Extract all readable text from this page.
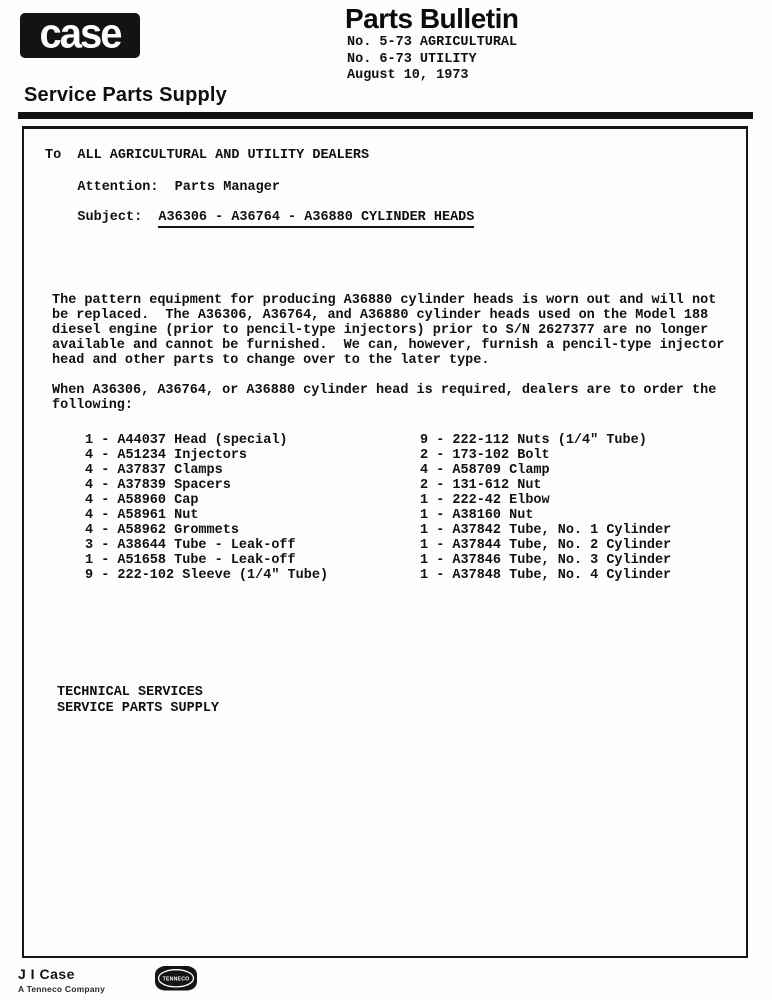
case
Service Parts Supply
Parts Bulletin
No. 5-73 AGRICULTURAL
No. 6-73 UTILITY
August 10, 1973
To  ALL AGRICULTURAL AND UTILITY DEALERS
Attention:  Parts Manager
Subject:  A36306 - A36764 - A36880 CYLINDER HEADS
The pattern equipment for producing A36880 cylinder heads is worn out and will not
be replaced.  The A36306, A36764, and A36880 cylinder heads used on the Model 188
diesel engine (prior to pencil-type injectors) prior to S/N 2627377 are no longer
available and cannot be furnished.  We can, however, furnish a pencil-type injector
head and other parts to change over to the later type.
When A36306, A36764, or A36880 cylinder head is required, dealers are to order the
following:
1 - A44037 Head (special)
4 - A51234 Injectors
4 - A37837 Clamps
4 - A37839 Spacers
4 - A58960 Cap
4 - A58961 Nut
4 - A58962 Grommets
3 - A38644 Tube - Leak-off
1 - A51658 Tube - Leak-off
9 - 222-102 Sleeve (1/4" Tube)
9 - 222-112 Nuts (1/4" Tube)
2 - 173-102 Bolt
4 - A58709 Clamp
2 - 131-612 Nut
1 - 222-42 Elbow
1 - A38160 Nut
1 - A37842 Tube, No. 1 Cylinder
1 - A37844 Tube, No. 2 Cylinder
1 - A37846 Tube, No. 3 Cylinder
1 - A37848 Tube, No. 4 Cylinder
TECHNICAL SERVICES
SERVICE PARTS SUPPLY
J I Case
A Tenneco Company
TENNECO
